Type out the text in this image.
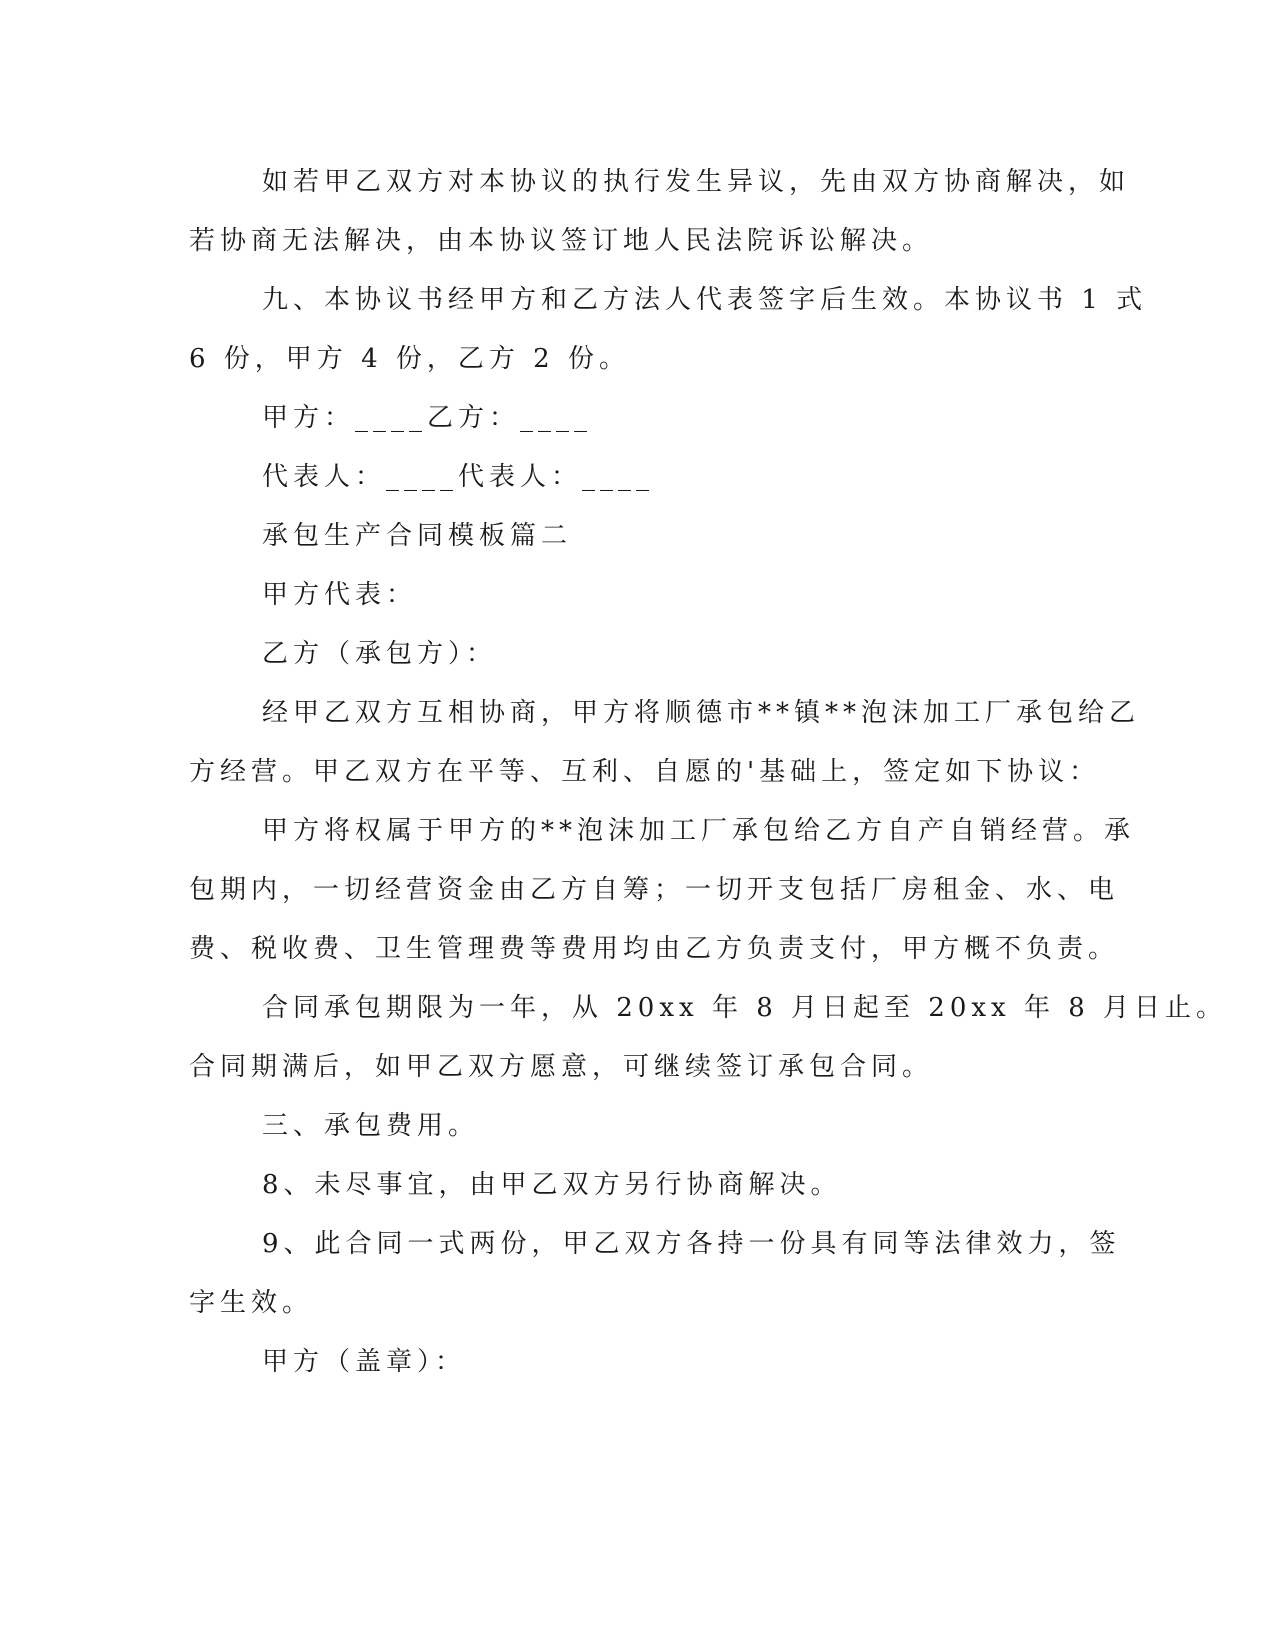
如若甲乙双方对本协议的执行发生异议，先由双方协商解决，如

若协商无法解决，由本协议签订地人民法院诉讼解决。

九、本协议书经甲方和乙方法人代表签字后生效。本协议书 1 式

6 份，甲方 4 份，乙方 2 份。

甲方：____乙方：____

代表人：____代表人：____

承包生产合同模板篇二

甲方代表：

乙方（承包方）：

经甲乙双方互相协商，甲方将顺德市**镇**泡沫加工厂承包给乙

方经营。甲乙双方在平等、互利、自愿的'基础上，签定如下协议：

甲方将权属于甲方的**泡沫加工厂承包给乙方自产自销经营。承

包期内，一切经营资金由乙方自筹；一切开支包括厂房租金、水、电

费、税收费、卫生管理费等费用均由乙方负责支付，甲方概不负责。

合同承包期限为一年，从 20xx 年 8 月日起至 20xx 年 8 月日止。

合同期满后，如甲乙双方愿意，可继续签订承包合同。

三、承包费用。

8、未尽事宜，由甲乙双方另行协商解决。

9、此合同一式两份，甲乙双方各持一份具有同等法律效力，签

字生效。

甲方（盖章）：
